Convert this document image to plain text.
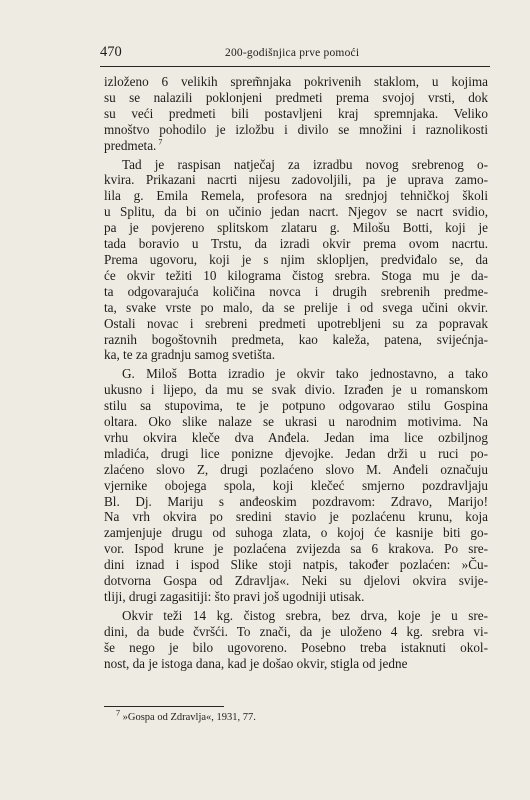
470	200-godišnjica prve pomoći
izloženo 6 velikih sprem̃njaka pokrivenih staklom, u kojima
su se nalazili poklonjeni predmeti prema svojoj vrsti, dok
su veći predmeti bili postavljeni kraj spremnjaka. Veliko
mnoštvo pohodilo je izložbu i divilo se množini i raznolikosti
predmeta. $^7$
Tad je raspisan natječaj za izradbu novog srebrenog o-
kvira. Prikazani nacrti nijesu zadovoljili, pa je uprava zamo-
lila g. Emila Remela, profesora na srednjoj tehničkoj školi
u Splitu, da bi on učinio jedan nacrt. Njegov se nacrt svidio,
pa je povjereno splitskom zlataru g. Milošu Botti, koji je
tada boravio u Trstu, da izradi okvir prema ovom nacrtu.
Prema ugovoru, koji je s njim sklopljen, predviđalo se, da
će okvir težiti 10 kilograma čistog srebra. Stoga mu je da-
ta odgovarajuća količina novca i drugih srebrenih predme-
ta, svake vrste po malo, da se prelije i od svega učini okvir.
Ostali novac i srebreni predmeti upotrebljeni su za popravak
raznih bogoštovnih predmeta, kao kaleža, patena, svijećnja-
ka, te za gradnju samog svetišta.
G. Miloš Botta izradio je okvir tako jednostavno, a tako
ukusno i lijepo, da mu se svak divio. Izrađen je u romanskom
stilu sa stupovima, te je potpuno odgovarao stilu Gospina
oltara. Oko slike nalaze se ukrasi u narodnim motivima. Na
vrhu okvira kleče dva Anđela. Jedan ima lice ozbiljnog
mladića, drugi lice ponizne djevojke. Jedan drži u ruci po-
zlaćeno slovo Z, drugi pozlaćeno slovo M. Anđeli označuju
vjernike obojega spola, koji klečeć smjerno pozdravljaju
Bl. Dj. Mariju s anđeoskim pozdravom: Zdravo, Marijo!
Na vrh okvira po sredini stavio je pozlaćenu krunu, koja
zamjenjuje drugu od suhoga zlata, o kojoj će kasnije biti go-
vor. Ispod krune je pozlaćena zvijezda sa 6 krakova. Po sre-
dini iznad i ispod Slike stoji natpis, također pozlaćen: »Ču-
dotvorna Gospa od Zdravlja«. Neki su djelovi okvira svije-
tliji, drugi zagasitiji: što pravi još ugodniji utisak.
Okvir teži 14 kg. čistog srebra, bez drva, koje je u sre-
dini, da bude čvršći. To znači, da je uloženo 4 kg. srebra vi-
še nego je bilo ugovoreno. Posebno treba istaknuti okol-
nost, da je istoga dana, kad je došao okvir, stigla od jedne
$^7$ »Gospa od Zdravlja«, 1931, 77.
